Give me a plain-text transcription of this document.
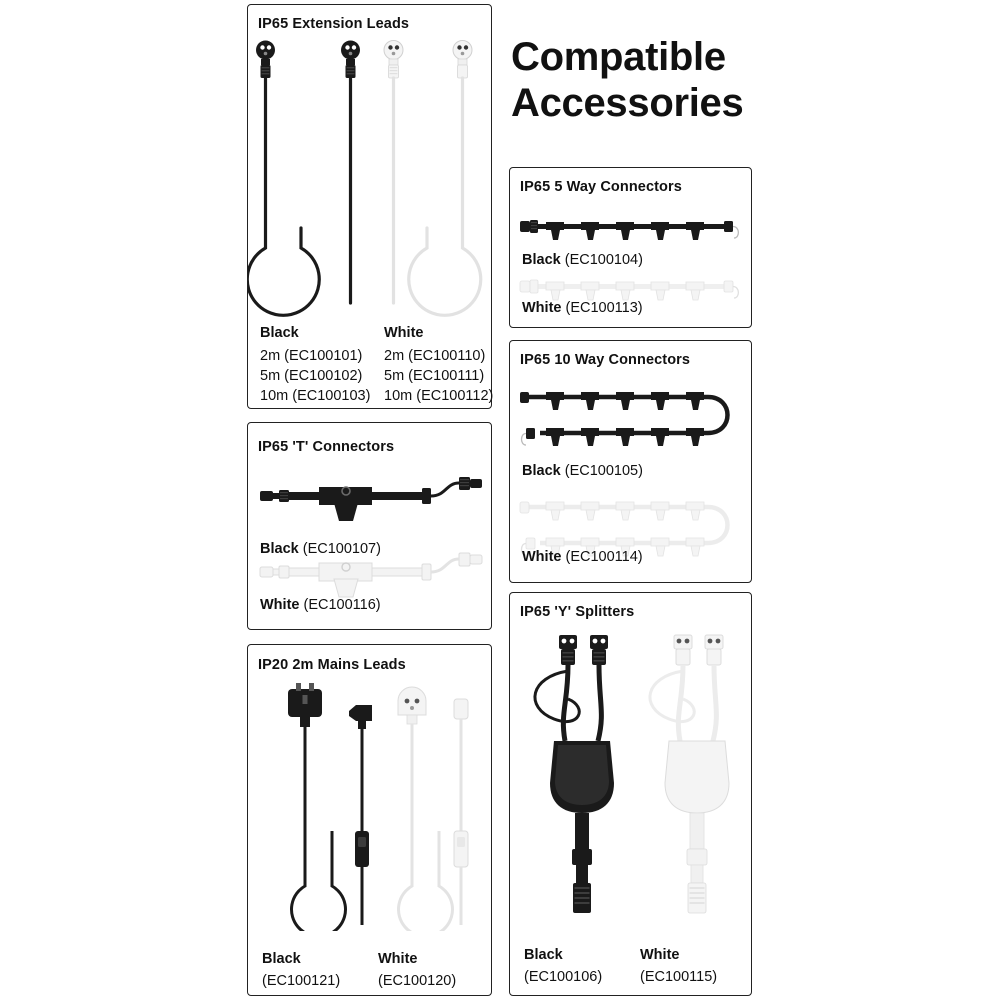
Compatible
Accessories
IP65 Extension Leads
Black
2m (EC100101)
5m (EC100102)
10m (EC100103)
White
2m (EC100110)
5m (EC100111)
10m (EC100112)
IP65 'T' Connectors
Black (EC100107)
White (EC100116)
IP20 2m Mains Leads
Black
(EC100121)
White
(EC100120)
IP65 5 Way Connectors
Black (EC100104)
White (EC100113)
IP65 10 Way Connectors
Black (EC100105)
White (EC100114)
IP65 'Y' Splitters
Black
(EC100106)
White
(EC100115)
